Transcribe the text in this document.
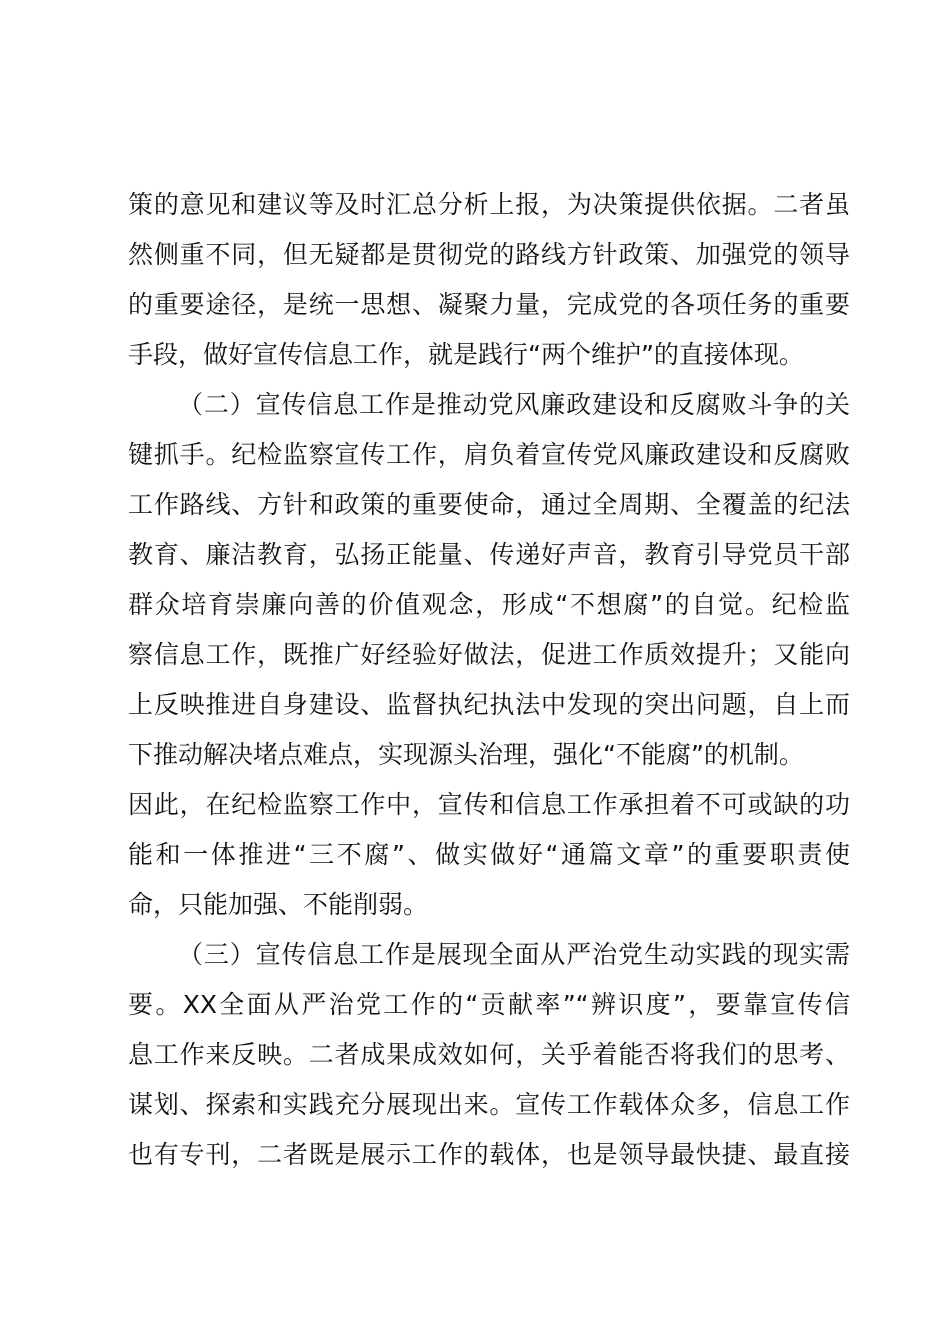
策的意见和建议等及时汇总分析上报，为决策提供依据。二者虽
然侧重不同，但无疑都是贯彻党的路线方针政策、加强党的领导
的重要途径，是统一思想、凝聚力量，完成党的各项任务的重要
手段，做好宣传信息工作，就是践行“两个维护”的直接体现。
（二）宣传信息工作是推动党风廉政建设和反腐败斗争的关
键抓手。纪检监察宣传工作，肩负着宣传党风廉政建设和反腐败
工作路线、方针和政策的重要使命，通过全周期、全覆盖的纪法
教育、廉洁教育，弘扬正能量、传递好声音，教育引导党员干部
群众培育崇廉向善的价值观念，形成“不想腐”的自觉。纪检监
察信息工作，既推广好经验好做法，促进工作质效提升；又能向
上反映推进自身建设、监督执纪执法中发现的突出问题，自上而
下推动解决堵点难点，实现源头治理，强化“不能腐”的机制。
因此，在纪检监察工作中，宣传和信息工作承担着不可或缺的功
能和一体推进“三不腐”、做实做好“通篇文章”的重要职责使
命，只能加强、不能削弱。
（三）宣传信息工作是展现全面从严治党生动实践的现实需
要。XX全面从严治党工作的“贡献率”“辨识度”，要靠宣传信
息工作来反映。二者成果成效如何，关乎着能否将我们的思考、
谋划、探索和实践充分展现出来。宣传工作载体众多，信息工作
也有专刊，二者既是展示工作的载体，也是领导最快捷、最直接
